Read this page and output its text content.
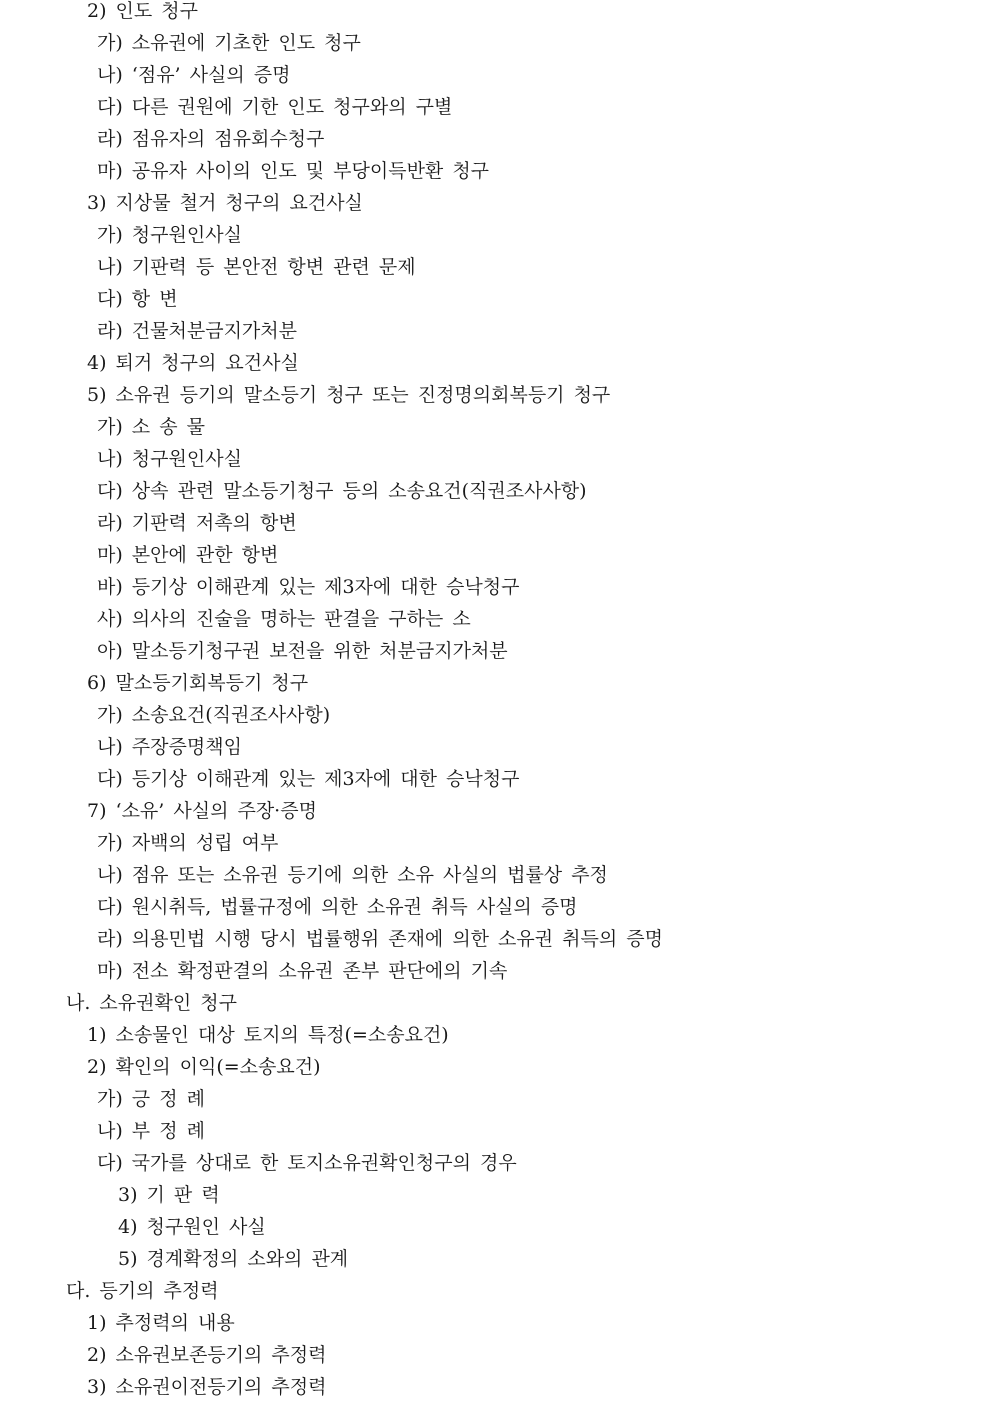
2) 인도 청구
가) 소유권에 기초한 인도 청구
나) ‘점유’ 사실의 증명
다) 다른 권원에 기한 인도 청구와의 구별
라) 점유자의 점유회수청구
마) 공유자 사이의 인도 및 부당이득반환 청구
3) 지상물 철거 청구의 요건사실
가) 청구원인사실
나) 기판력 등 본안전 항변 관련 문제
다) 항 변
라) 건물처분금지가처분
4) 퇴거 청구의 요건사실
5) 소유권 등기의 말소등기 청구 또는 진정명의회복등기 청구
가) 소 송 물
나) 청구원인사실
다) 상속 관련 말소등기청구 등의 소송요건(직권조사사항)
라) 기판력 저촉의 항변
마) 본안에 관한 항변
바) 등기상 이해관계 있는 제3자에 대한 승낙청구
사) 의사의 진술을 명하는 판결을 구하는 소
아) 말소등기청구권 보전을 위한 처분금지가처분
6) 말소등기회복등기 청구
가) 소송요건(직권조사사항)
나) 주장증명책임
다) 등기상 이해관계 있는 제3자에 대한 승낙청구
7) ‘소유’ 사실의 주장·증명
가) 자백의 성립 여부
나) 점유 또는 소유권 등기에 의한 소유 사실의 법률상 추정
다) 원시취득, 법률규정에 의한 소유권 취득 사실의 증명
라) 의용민법 시행 당시 법률행위 존재에 의한 소유권 취득의 증명
마) 전소 확정판결의 소유권 존부 판단에의 기속
나. 소유권확인 청구
1) 소송물인 대상 토지의 특정(=소송요건)
2) 확인의 이익(=소송요건)
가) 긍 정 례
나) 부 정 례
다) 국가를 상대로 한 토지소유권확인청구의 경우
3) 기 판 력
4) 청구원인 사실
5) 경계확정의 소와의 관계
다. 등기의 추정력
1) 추정력의 내용
2) 소유권보존등기의 추정력
3) 소유권이전등기의 추정력
